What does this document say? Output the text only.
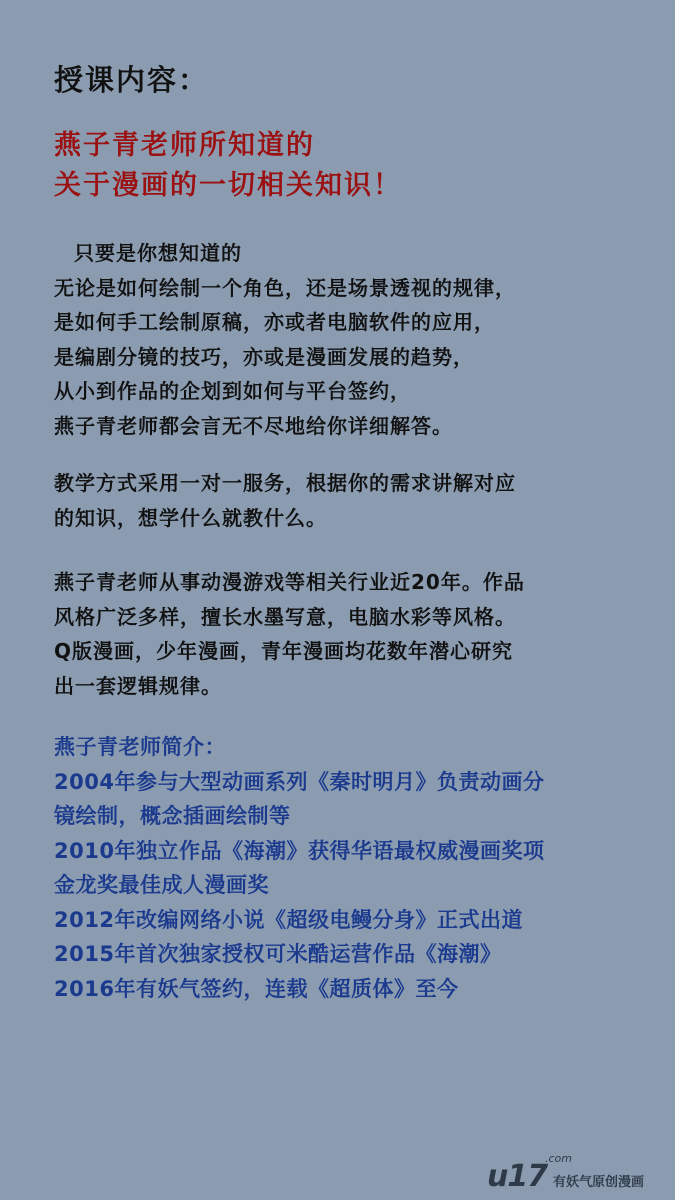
授课内容：
燕子青老师所知道的
关于漫画的一切相关知识！
只要是你想知道的
无论是如何绘制一个角色，还是场景透视的规律，
是如何手工绘制原稿，亦或者电脑软件的应用，
是编剧分镜的技巧，亦或是漫画发展的趋势，
从小到作品的企划到如何与平台签约，
燕子青老师都会言无不尽地给你详细解答。
教学方式采用一对一服务，根据你的需求讲解对应
的知识，想学什么就教什么。
燕子青老师从事动漫游戏等相关行业近20年。作品
风格广泛多样，擅长水墨写意，电脑水彩等风格。
Q版漫画，少年漫画，青年漫画均花数年潜心研究
出一套逻辑规律。
燕子青老师简介：
2004年参与大型动画系列《秦时明月》负责动画分
镜绘制，概念插画绘制等
2010年独立作品《海潮》获得华语最权威漫画奖项
金龙奖最佳成人漫画奖
2012年改编网络小说《超级电鳗分身》正式出道
2015年首次独家授权可米酷运营作品《海潮》
2016年有妖气签约，连载《超质体》至今
u17
.com
有妖气原创漫画
